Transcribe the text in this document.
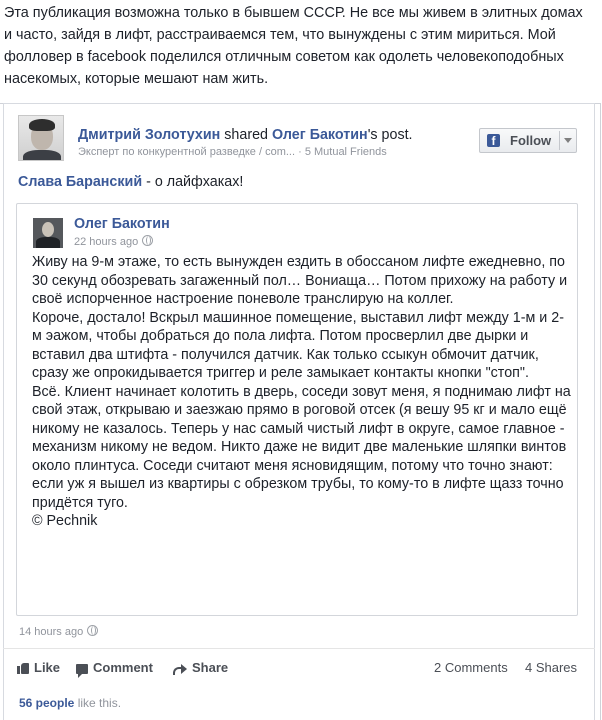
Эта публикация возможна только в бывшем СССР. Не все мы живем в элитных домах и часто, зайдя в лифт, расстраиваемся тем, что вынуждены с этим мириться. Мой фолловер в facebook поделился отличным советом как одолеть человекоподобных насекомых, которые мешают нам жить.
Дмитрий Золотухин shared Олег Бакотин's post.
Эксперт по конкурентной разведке / com... · 5 Mutual Friends
f	Follow
Слава Баранский - о лайфхаках!
Олег Бакотин
22 hours ago

Живу на 9-м этаже, то есть вынужден ездить в обоссаном лифте ежедневно, по 30 секунд обозревать загаженный пол… Вониаща… Потом прихожу на работу и своё испорченное настроение поневоле транслирую на коллег.

Короче, достало! Вскрыл машинное помещение, выставил лифт между 1-м и 2-м эажом, чтобы добраться до пола лифта. Потом просверлил две дырки и вставил два штифта - получился датчик. Как только ссыкун обмочит датчик, сразу же опрокидывается триггер и реле замыкает контакты кнопки "стоп".

Всё. Клиент начинает колотить в дверь, соседи зовут меня, я поднимаю лифт на свой этаж, открываю и заезжаю прямо в роговой отсек (я вешу 95 кг и мало ещё никому не казалось. Теперь у нас самый чистый лифт в округе, самое главное - механизм никому не ведом. Никто даже не видит две маленькие шляпки винтов около плинтуса. Соседи считают меня ясновидящим, потому что точно знают: если уж я вышел из квартиры с обрезком трубы, то кому-то в лифте щазз точно придётся туго.

© Pechnik

14 hours ago
Like	Comment	Share	2 Comments 4 Shares
56 people like this.
